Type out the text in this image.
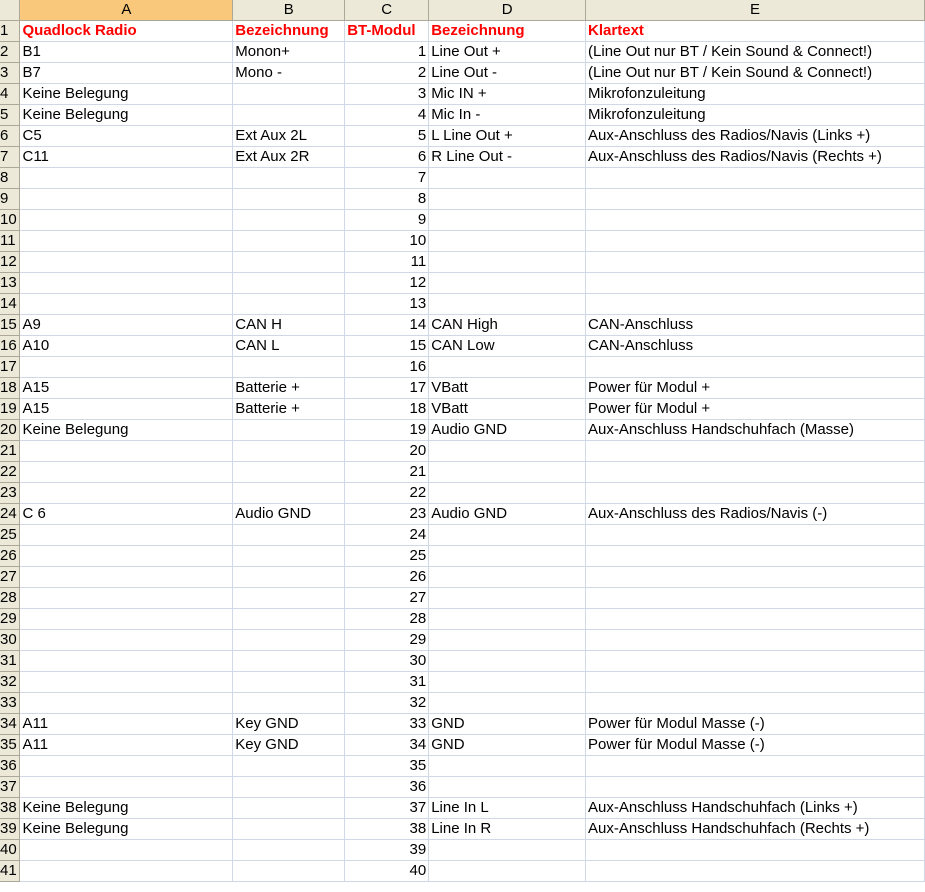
	A	B	C	D	E
1	Quadlock Radio	Bezeichnung	BT-Modul	Bezeichnung	Klartext
2	B1	Monon+	1	Line Out +	(Line Out nur BT / Kein Sound & Connect!)
3	B7	Mono -	2	Line Out -	(Line Out nur BT / Kein Sound & Connect!)
4	Keine Belegung		3	Mic IN +	Mikrofonzuleitung
5	Keine Belegung		4	Mic In -	Mikrofonzuleitung
6	C5	Ext Aux 2L	5	L Line Out +	Aux-Anschluss des Radios/Navis (Links +)
7	C11	Ext Aux 2R	6	R Line Out -	Aux-Anschluss des Radios/Navis (Rechts +)
8			7		
9			8		
10			9		
11			10		
12			11		
13			12		
14			13		
15	A9	CAN H	14	CAN High	CAN-Anschluss
16	A10	CAN L	15	CAN Low	CAN-Anschluss
17			16		
18	A15	Batterie +	17	VBatt	Power für Modul +
19	A15	Batterie +	18	VBatt	Power für Modul +
20	Keine Belegung		19	Audio GND	Aux-Anschluss Handschuhfach (Masse)
21			20		
22			21		
23			22		
24	C 6	Audio GND	23	Audio GND	Aux-Anschluss des Radios/Navis (-)
25			24		
26			25		
27			26		
28			27		
29			28		
30			29		
31			30		
32			31		
33			32		
34	A11	Key GND	33	GND	Power für Modul Masse (-)
35	A11	Key GND	34	GND	Power für Modul Masse (-)
36			35		
37			36		
38	Keine Belegung		37	Line In L	Aux-Anschluss Handschuhfach (Links +)
39	Keine Belegung		38	Line In R	Aux-Anschluss Handschuhfach (Rechts +)
40			39		
41			40		
